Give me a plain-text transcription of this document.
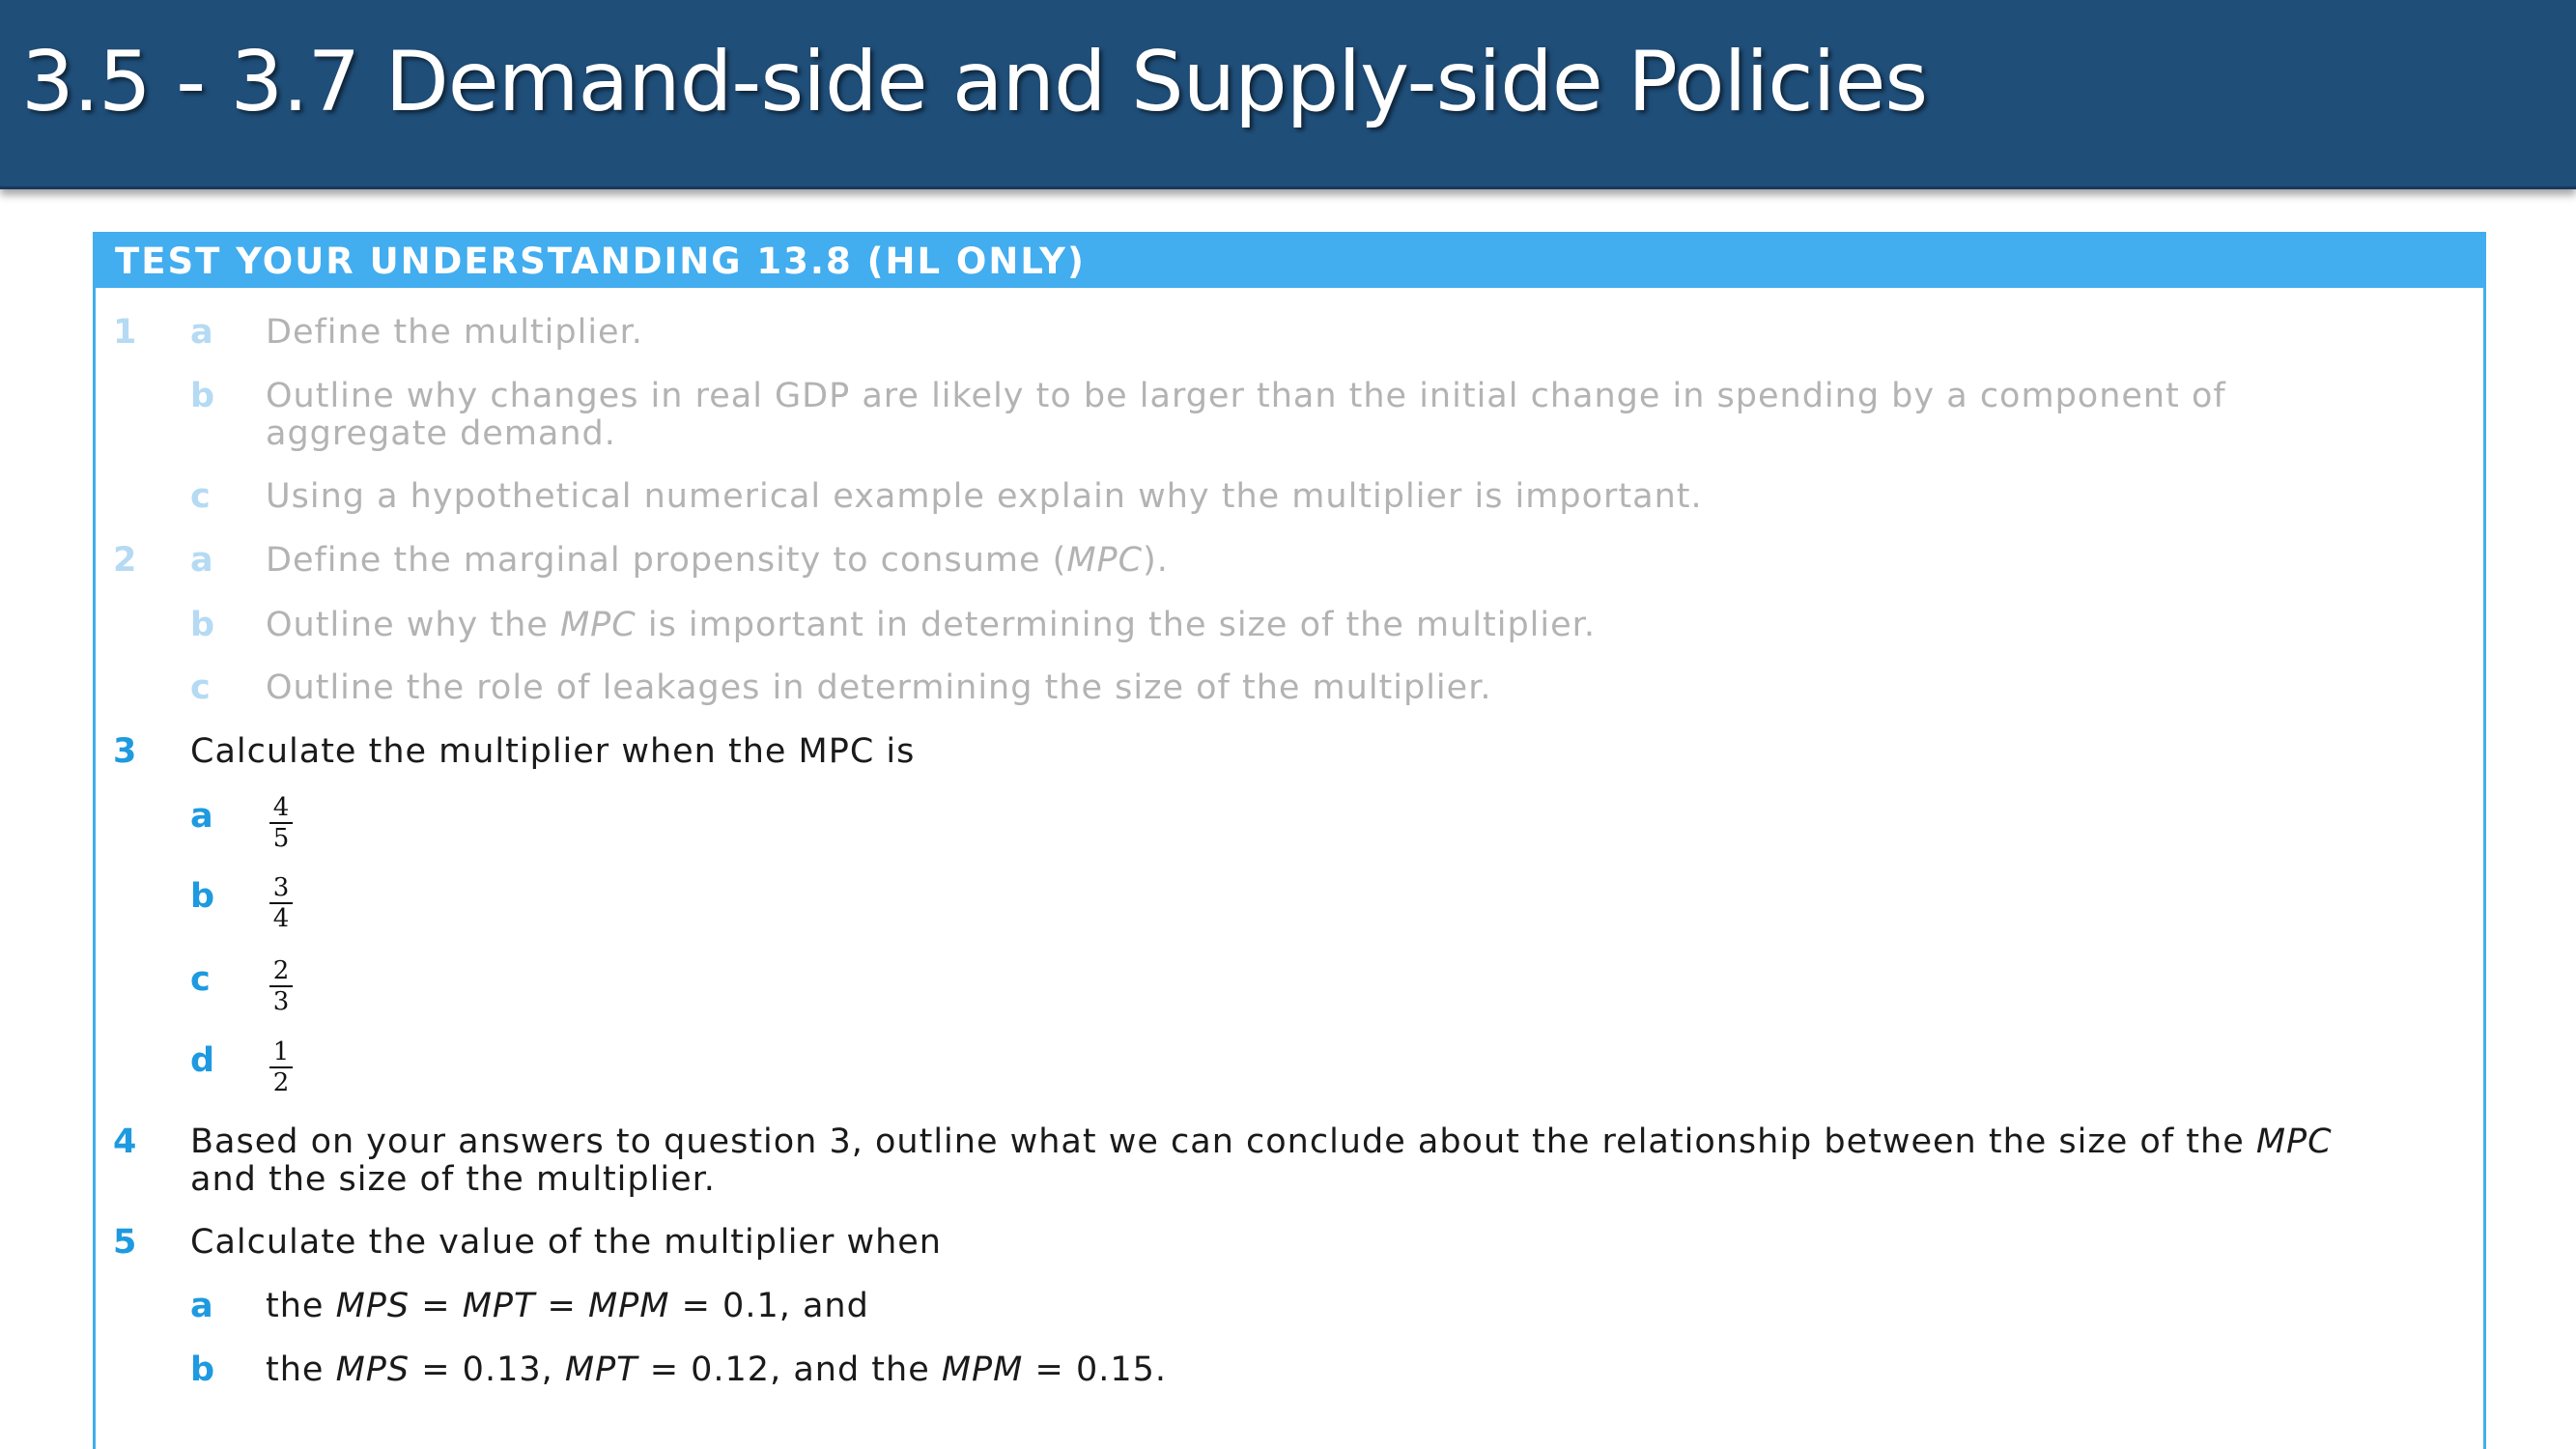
3.5 - 3.7 Demand-side and Supply-side Policies
TEST YOUR UNDERSTANDING 13.8 (HL ONLY)
1 a Define the multiplier.
b Outline why changes in real GDP are likely to be larger than the initial change in spending by a component of
aggregate demand.
c Using a hypothetical numerical example explain why the multiplier is important.
2 a Define the marginal propensity to consume (MPC).
b Outline why the MPC is important in determining the size of the multiplier.
c Outline the role of leakages in determining the size of the multiplier.
3 Calculate the multiplier when the MPC is
a 4
5
b 3
4
c 2
3
d 1
2
4 Based on your answers to question 3, outline what we can conclude about the relationship between the size of the MPC
and the size of the multiplier.
5 Calculate the value of the multiplier when
a the MPS = MPT = MPM = 0.1, and
b the MPS = 0.13, MPT = 0.12, and the MPM = 0.15.
